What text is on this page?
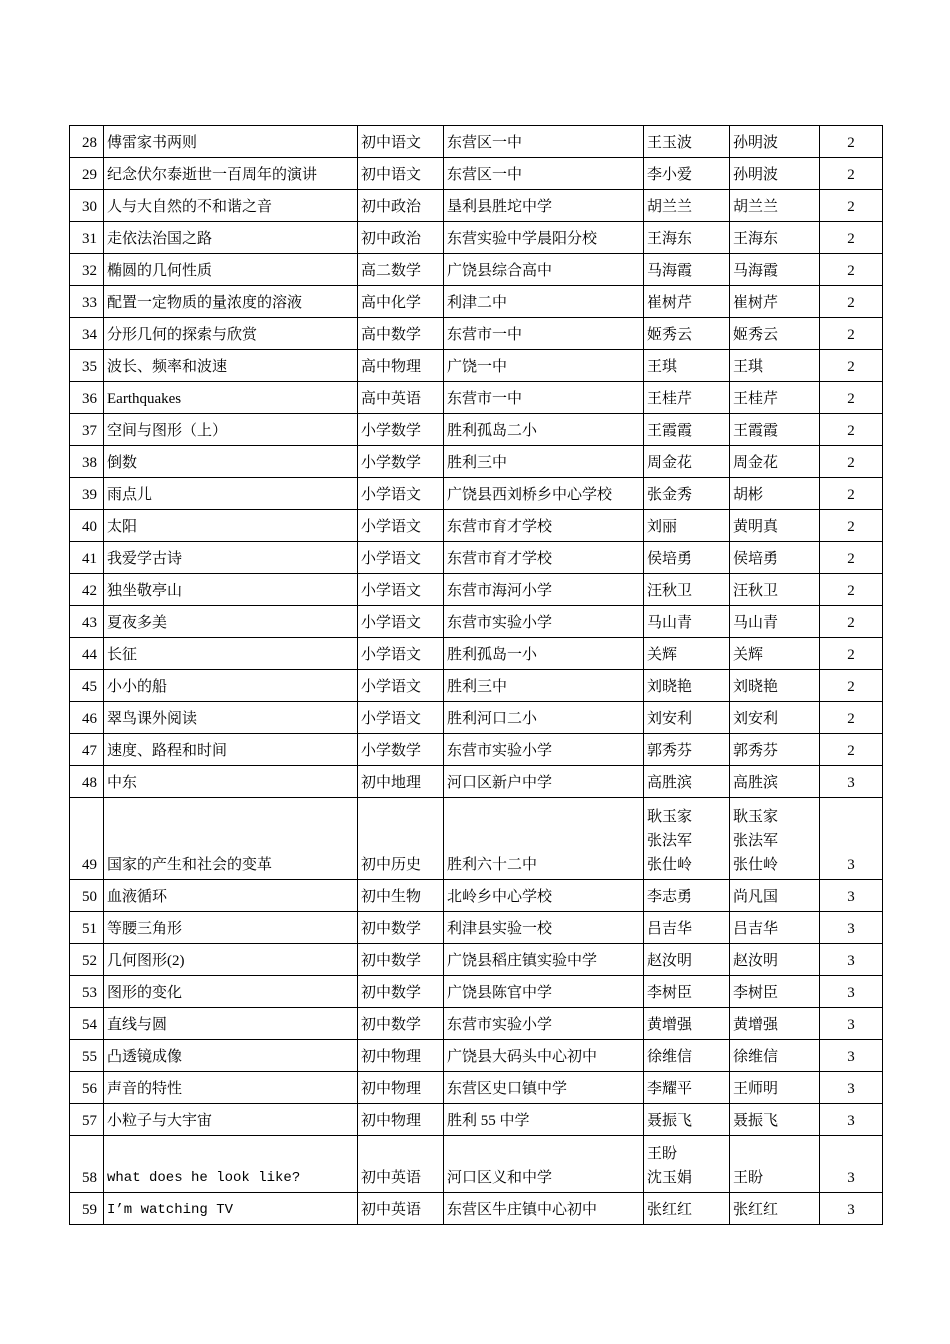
28	傅雷家书两则	初中语文	东营区一中	王玉波	孙明波	2
29	纪念伏尔泰逝世一百周年的演讲	初中语文	东营区一中	李小爱	孙明波	2
30	人与大自然的不和谐之音	初中政治	垦利县胜坨中学	胡兰兰	胡兰兰	2
31	走依法治国之路	初中政治	东营实验中学晨阳分校	王海东	王海东	2
32	椭圆的几何性质	高二数学	广饶县综合高中	马海霞	马海霞	2
33	配置一定物质的量浓度的溶液	高中化学	利津二中	崔树芹	崔树芹	2
34	分形几何的探索与欣赏	高中数学	东营市一中	姬秀云	姬秀云	2
35	波长、频率和波速	高中物理	广饶一中	王琪	王琪	2
36	Earthquakes	高中英语	东营市一中	王桂芹	王桂芹	2
37	空间与图形（上）	小学数学	胜利孤岛二小	王霞霞	王霞霞	2
38	倒数	小学数学	胜利三中	周金花	周金花	2
39	雨点儿	小学语文	广饶县西刘桥乡中心学校	张金秀	胡彬	2
40	太阳	小学语文	东营市育才学校	刘丽	黄明真	2
41	我爱学古诗	小学语文	东营市育才学校	侯培勇	侯培勇	2
42	独坐敬亭山	小学语文	东营市海河小学	汪秋卫	汪秋卫	2
43	夏夜多美	小学语文	东营市实验小学	马山青	马山青	2
44	长征	小学语文	胜利孤岛一小	关辉	关辉	2
45	小小的船	小学语文	胜利三中	刘晓艳	刘晓艳	2
46	翠鸟课外阅读	小学语文	胜利河口二小	刘安利	刘安利	2
47	速度、路程和时间	小学数学	东营市实验小学	郭秀芬	郭秀芬	2
48	中东	初中地理	河口区新户中学	高胜滨	高胜滨	3
49	国家的产生和社会的变革	初中历史	胜利六十二中	耿玉家
张法军
张仕岭	耿玉家
张法军
张仕岭	3
50	血液循环	初中生物	北岭乡中心学校	李志勇	尚凡国	3
51	等腰三角形	初中数学	利津县实验一校	吕吉华	吕吉华	3
52	几何图形(2)	初中数学	广饶县稻庄镇实验中学	赵汝明	赵汝明	3
53	图形的变化	初中数学	广饶县陈官中学	李树臣	李树臣	3
54	直线与圆	初中数学	东营市实验小学	黄增强	黄增强	3
55	凸透镜成像	初中物理	广饶县大码头中心初中	徐维信	徐维信	3
56	声音的特性	初中物理	东营区史口镇中学	李耀平	王师明	3
57	小粒子与大宇宙	初中物理	胜利 55 中学	聂振飞	聂振飞	3
58	what does he look like?	初中英语	河口区义和中学	王盼
沈玉娟	王盼	3
59	I’m watching TV	初中英语	东营区牛庄镇中心初中	张红红	张红红	3
